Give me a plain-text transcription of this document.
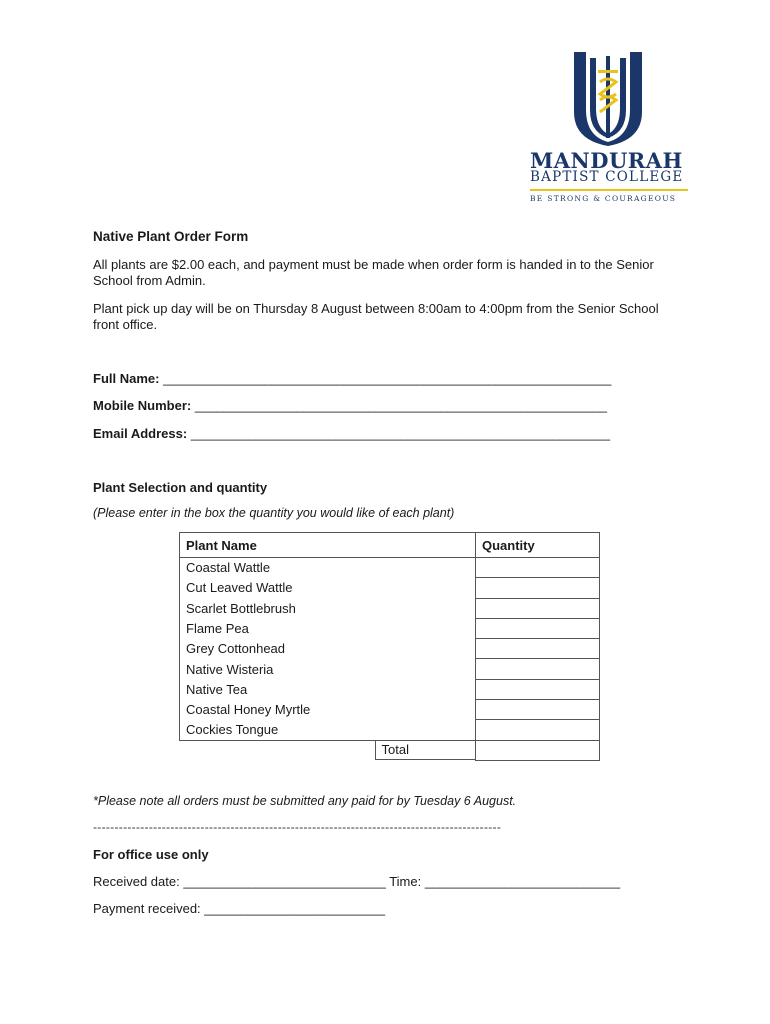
MANDURAH
BAPTIST COLLEGE
BE STRONG & COURAGEOUS
Native Plant Order Form
All plants are $2.00 each, and payment must be made when order form is handed in to the Senior School from Admin.
Plant pick up day will be on Thursday 8 August between 8:00am to 4:00pm from the Senior School front office.
Full Name: ______________________________________________________________
Mobile Number: _________________________________________________________
Email Address: __________________________________________________________
Plant Selection and quantity
(Please enter in the box the quantity you would like of each plant)
Plant Name	Quantity
Coastal Wattle	
Cut Leaved Wattle	
Scarlet Bottlebrush	
Flame Pea	
Grey Cottonhead	
Native Wisteria	
Native Tea	
Coastal Honey Myrtle	
Cockies Tongue	

Total	

*Please note all orders must be submitted any paid for by Tuesday 6 August.
-----------------------------------------------------------------------------------------------
For office use only
Received date: ____________________________ Time: ___________________________
Payment received: _________________________
